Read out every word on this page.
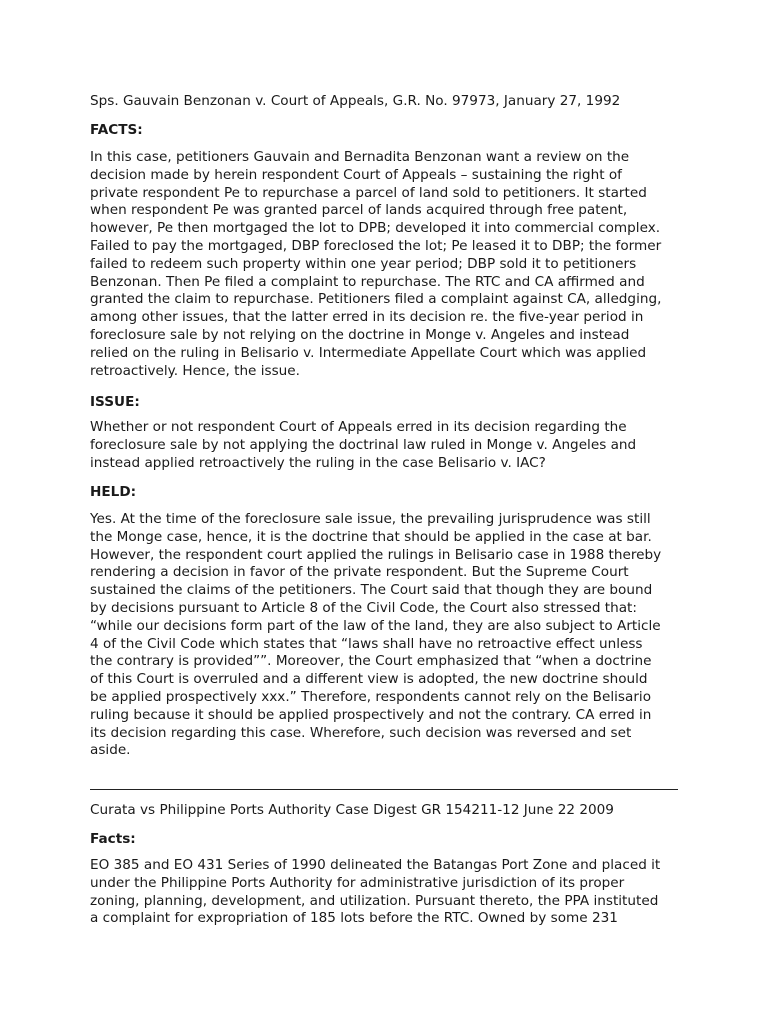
Sps. Gauvain Benzonan v. Court of Appeals, G.R. No. 97973, January 27, 1992

FACTS:

In this case, petitioners Gauvain and Bernadita Benzonan want a review on the
decision made by herein respondent Court of Appeals – sustaining the right of
private respondent Pe to repurchase a parcel of land sold to petitioners. It started
when respondent Pe was granted parcel of lands acquired through free patent,
however, Pe then mortgaged the lot to DPB; developed it into commercial complex.
Failed to pay the mortgaged, DBP foreclosed the lot; Pe leased it to DBP; the former
failed to redeem such property within one year period; DBP sold it to petitioners
Benzonan. Then Pe filed a complaint to repurchase. The RTC and CA affirmed and
granted the claim to repurchase. Petitioners filed a complaint against CA, alledging,
among other issues, that the latter erred in its decision re. the five-year period in
foreclosure sale by not relying on the doctrine in Monge v. Angeles and instead
relied on the ruling in Belisario v. Intermediate Appellate Court which was applied
retroactively. Hence, the issue.

ISSUE:

Whether or not respondent Court of Appeals erred in its decision regarding the
foreclosure sale by not applying the doctrinal law ruled in Monge v. Angeles and
instead applied retroactively the ruling in the case Belisario v. IAC?

HELD:

Yes. At the time of the foreclosure sale issue, the prevailing jurisprudence was still
the Monge case, hence, it is the doctrine that should be applied in the case at bar.
However, the respondent court applied the rulings in Belisario case in 1988 thereby
rendering a decision in favor of the private respondent. But the Supreme Court
sustained the claims of the petitioners. The Court said that though they are bound
by decisions pursuant to Article 8 of the Civil Code, the Court also stressed that:
“while our decisions form part of the law of the land, they are also subject to Article
4 of the Civil Code which states that “laws shall have no retroactive effect unless
the contrary is provided””. Moreover, the Court emphasized that “when a doctrine
of this Court is overruled and a different view is adopted, the new doctrine should
be applied prospectively xxx.” Therefore, respondents cannot rely on the Belisario
ruling because it should be applied prospectively and not the contrary. CA erred in
its decision regarding this case. Wherefore, such decision was reversed and set
aside.

Curata vs Philippine Ports Authority Case Digest GR 154211-12 June 22 2009

Facts:

EO 385 and EO 431 Series of 1990 delineated the Batangas Port Zone and placed it
under the Philippine Ports Authority for administrative jurisdiction of its proper
zoning, planning, development, and utilization. Pursuant thereto, the PPA instituted
a complaint for expropriation of 185 lots before the RTC. Owned by some 231
